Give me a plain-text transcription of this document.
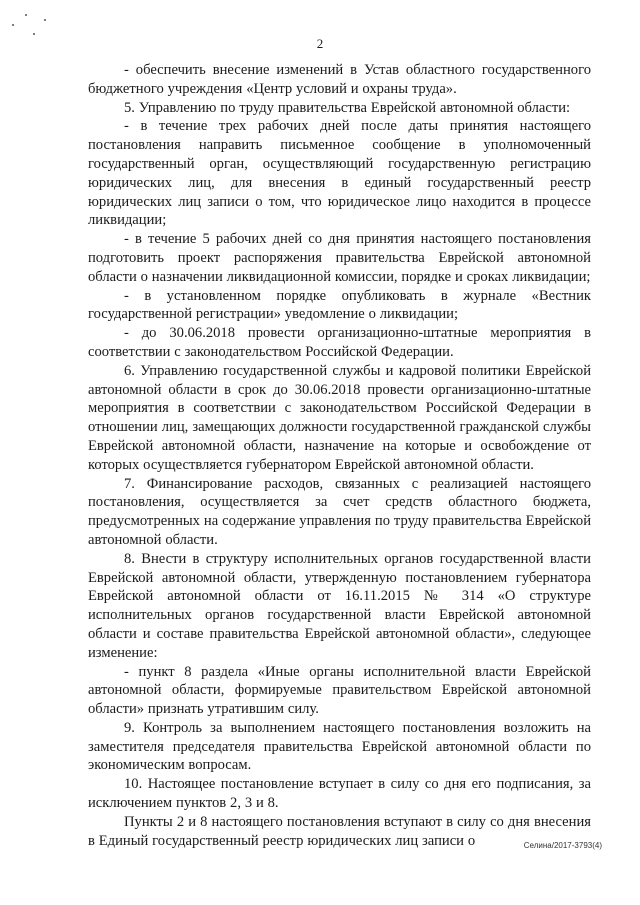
2

- обеспечить внесение изменений в Устав областного государственного бюджетного учреждения «Центр условий и охраны труда».

5. Управлению по труду правительства Еврейской автономной области:

- в течение трех рабочих дней после даты принятия настоящего постановления направить письменное сообщение в уполномоченный государственный орган, осуществляющий государственную регистрацию юридических лиц, для внесения в единый государственный реестр юридических лиц записи о том, что юридическое лицо находится в процессе ликвидации;

- в течение 5 рабочих дней со дня принятия настоящего постановления подготовить проект распоряжения правительства Еврейской автономной области о назначении ликвидационной комиссии, порядке и сроках ликвидации;

- в установленном порядке опубликовать в журнале «Вестник государственной регистрации» уведомление о ликвидации;

- до 30.06.2018 провести организационно-штатные мероприятия в соответствии с законодательством Российской Федерации.

6. Управлению государственной службы и кадровой политики Еврейской автономной области в срок до 30.06.2018 провести организационно-штатные мероприятия в соответствии с законодательством Российской Федерации в отношении лиц, замещающих должности государственной гражданской службы Еврейской автономной области, назначение на которые и освобождение от которых осуществляется губернатором Еврейской автономной области.

7. Финансирование расходов, связанных с реализацией настоящего постановления, осуществляется за счет средств областного бюджета, предусмотренных на содержание управления по труду правительства Еврейской автономной области.

8. Внести в структуру исполнительных органов государственной власти Еврейской автономной области, утвержденную постановлением губернатора Еврейской автономной области от 16.11.2015 № 314 «О структуре исполнительных органов государственной власти Еврейской автономной области и составе правительства Еврейской автономной области», следующее изменение:

- пункт 8 раздела «Иные органы исполнительной власти Еврейской автономной области, формируемые правительством Еврейской автономной области» признать утратившим силу.

9. Контроль за выполнением настоящего постановления возложить на заместителя председателя правительства Еврейской автономной области по экономическим вопросам.

10. Настоящее постановление вступает в силу со дня его подписания, за исключением пунктов 2, 3 и 8.

Пункты 2 и 8 настоящего постановления вступают в силу со дня внесения в Единый государственный реестр юридических лиц записи о	Селина/2017-3793(4)
